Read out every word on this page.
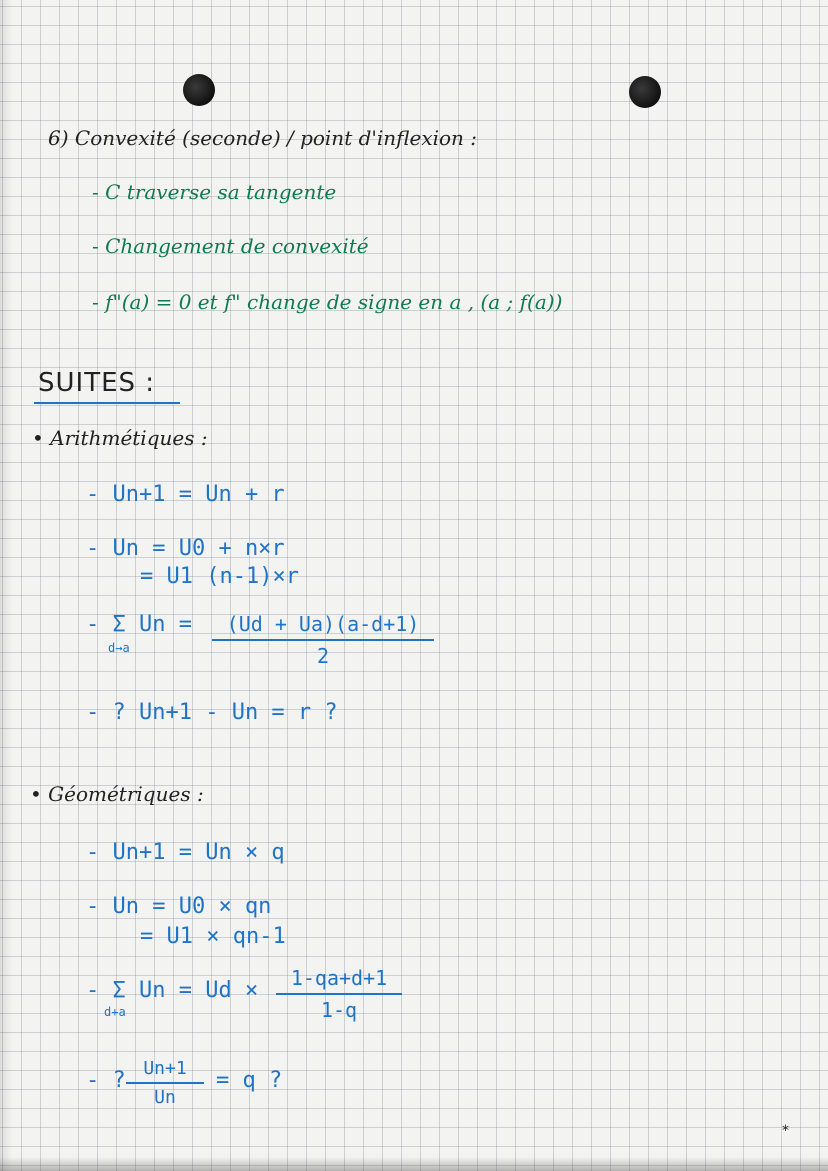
6) Convexité (seconde) / point d'inflexion :
- C traverse sa tangente
- Changement de convexité
- f"(a) = 0 et f" change de signe en a , (a ; f(a))
SUITES :
• Arithmétiques :
- Un+1 = Un + r
- Un = U0 + n×r
= U1 (n-1)×r
- Σ Un =
d→a
(Ud + Ua)(a-d+1)
2
- ? Un+1 - Un = r ?
• Géométriques :
- Un+1 = Un × q
- Un = U0 × qn
= U1 × qn-1
- Σ Un = Ud ×
d+a
1-qa+d+1
1-q
- ? Un+1
Un
= q ?
*
